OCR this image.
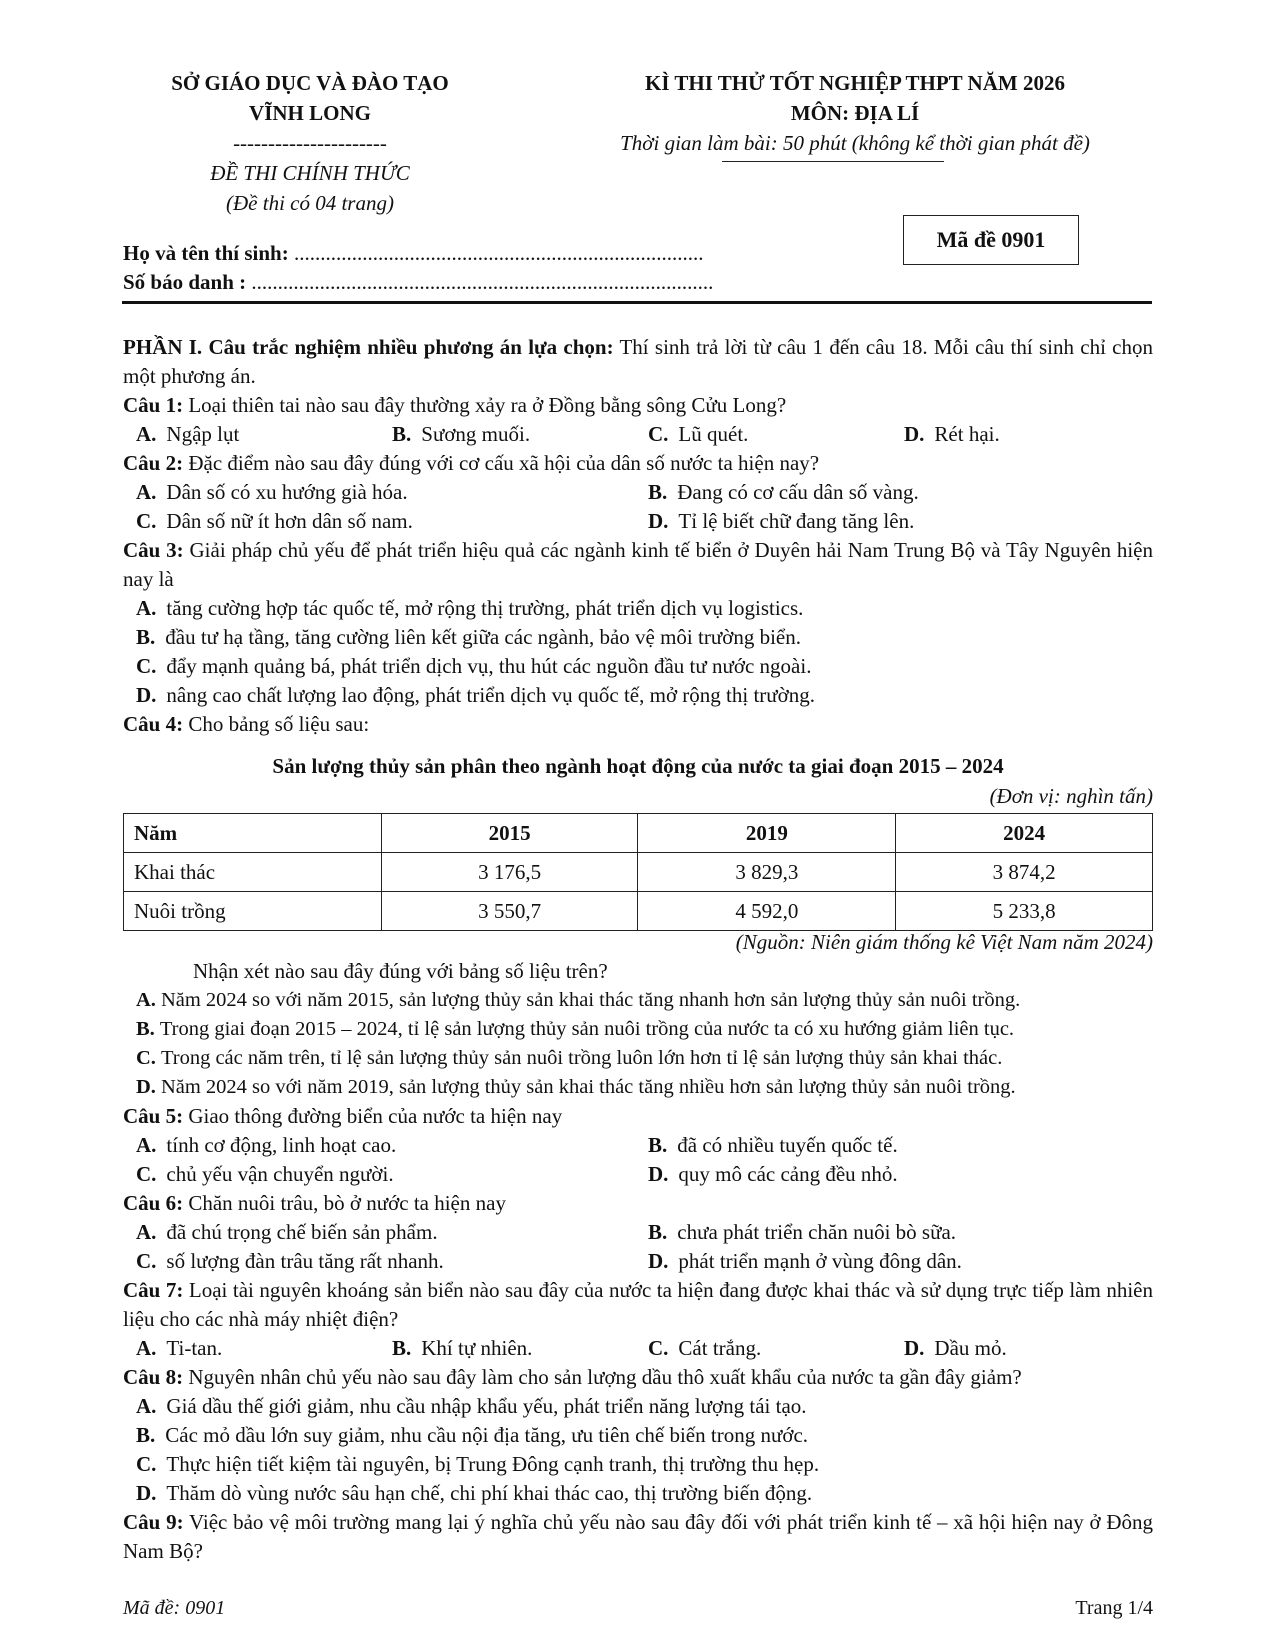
SỞ GIÁO DỤC VÀ ĐÀO TẠO
VĨNH LONG
----------------------
ĐỀ THI CHÍNH THỨC
(Đề thi có 04 trang)
KÌ THI THỬ TỐT NGHIỆP THPT NĂM 2026
MÔN: ĐỊA LÍ
Thời gian làm bài: 50 phút (không kể thời gian phát đề)
Mã đề 0901
Họ và tên thí sinh: ..............................................................................
Số báo danh : ........................................................................................
PHẦN I. Câu trắc nghiệm nhiều phương án lựa chọn: Thí sinh trả lời từ câu 1 đến câu 18. Mỗi câu thí sinh chỉ chọn một phương án.
Câu 1: Loại thiên tai nào sau đây thường xảy ra ở Đồng bằng sông Cửu Long?
A. Ngập lụt	B. Sương muối.	C. Lũ quét.	D. Rét hại.
Câu 2: Đặc điểm nào sau đây đúng với cơ cấu xã hội của dân số nước ta hiện nay?
A. Dân số có xu hướng già hóa.	B. Đang có cơ cấu dân số vàng.
C. Dân số nữ ít hơn dân số nam.	D. Tỉ lệ biết chữ đang tăng lên.
Câu 3: Giải pháp chủ yếu để phát triển hiệu quả các ngành kinh tế biển ở Duyên hải Nam Trung Bộ và Tây Nguyên hiện nay là
A. tăng cường hợp tác quốc tế, mở rộng thị trường, phát triển dịch vụ logistics.
B. đầu tư hạ tầng, tăng cường liên kết giữa các ngành, bảo vệ môi trường biển.
C. đẩy mạnh quảng bá, phát triển dịch vụ, thu hút các nguồn đầu tư nước ngoài.
D. nâng cao chất lượng lao động, phát triển dịch vụ quốc tế, mở rộng thị trường.
Câu 4: Cho bảng số liệu sau:
Sản lượng thủy sản phân theo ngành hoạt động của nước ta giai đoạn 2015 – 2024
(Đơn vị: nghìn tấn)
Năm	2015	2019	2024
Khai thác	3 176,5	3 829,3	3 874,2
Nuôi trồng	3 550,7	4 592,0	5 233,8
(Nguồn: Niên giám thống kê Việt Nam năm 2024)
Nhận xét nào sau đây đúng với bảng số liệu trên?
A. Năm 2024 so với năm 2015, sản lượng thủy sản khai thác tăng nhanh hơn sản lượng thủy sản nuôi trồng.
B. Trong giai đoạn 2015 – 2024, tỉ lệ sản lượng thủy sản nuôi trồng của nước ta có xu hướng giảm liên tục.
C. Trong các năm trên, tỉ lệ sản lượng thủy sản nuôi trồng luôn lớn hơn tỉ lệ sản lượng thủy sản khai thác.
D. Năm 2024 so với năm 2019, sản lượng thủy sản khai thác tăng nhiều hơn sản lượng thủy sản nuôi trồng.
Câu 5: Giao thông đường biển của nước ta hiện nay
A. tính cơ động, linh hoạt cao.	B. đã có nhiều tuyến quốc tế.
C. chủ yếu vận chuyển người.	D. quy mô các cảng đều nhỏ.
Câu 6: Chăn nuôi trâu, bò ở nước ta hiện nay
A. đã chú trọng chế biến sản phẩm.	B. chưa phát triển chăn nuôi bò sữa.
C. số lượng đàn trâu tăng rất nhanh.	D. phát triển mạnh ở vùng đông dân.
Câu 7: Loại tài nguyên khoáng sản biển nào sau đây của nước ta hiện đang được khai thác và sử dụng trực tiếp làm nhiên liệu cho các nhà máy nhiệt điện?
A. Ti-tan.	B. Khí tự nhiên.	C. Cát trắng.	D. Dầu mỏ.
Câu 8: Nguyên nhân chủ yếu nào sau đây làm cho sản lượng dầu thô xuất khẩu của nước ta gần đây giảm?
A. Giá dầu thế giới giảm, nhu cầu nhập khẩu yếu, phát triển năng lượng tái tạo.
B. Các mỏ dầu lớn suy giảm, nhu cầu nội địa tăng, ưu tiên chế biến trong nước.
C. Thực hiện tiết kiệm tài nguyên, bị Trung Đông cạnh tranh, thị trường thu hẹp.
D. Thăm dò vùng nước sâu hạn chế, chi phí khai thác cao, thị trường biến động.
Câu 9: Việc bảo vệ môi trường mang lại ý nghĩa chủ yếu nào sau đây đối với phát triển kinh tế – xã hội hiện nay ở Đông Nam Bộ?
Mã đề: 0901	Trang 1/4
